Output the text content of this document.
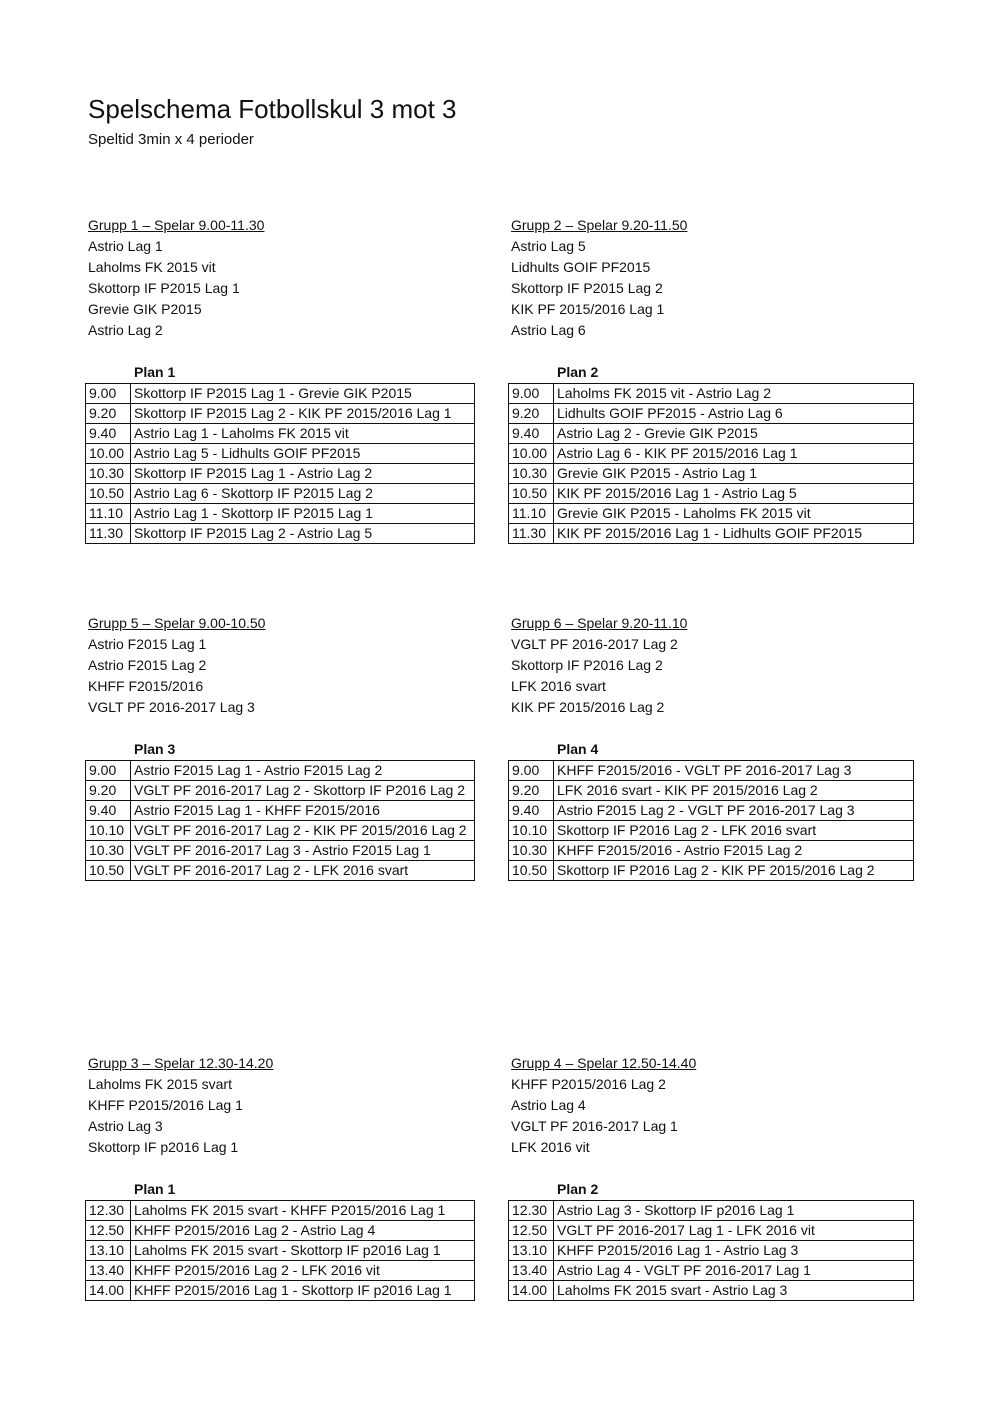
Spelschema Fotbollskul 3 mot 3
Speltid 3min x 4 perioder
Grupp 1 – Spelar 9.00-11.30
Astrio Lag 1
Laholms FK 2015 vit
Skottorp IF P2015 Lag 1
Grevie GIK P2015
Astrio Lag 2
Plan 1
9.00	Skottorp IF P2015 Lag 1 - Grevie GIK P2015
9.20	Skottorp IF P2015 Lag 2 - KIK PF 2015/2016 Lag 1
9.40	Astrio Lag 1 - Laholms FK 2015 vit
10.00	Astrio Lag 5 - Lidhults GOIF PF2015
10.30	Skottorp IF P2015 Lag 1 - Astrio Lag 2
10.50	Astrio Lag 6 - Skottorp IF P2015 Lag 2
11.10	Astrio Lag 1 - Skottorp IF P2015 Lag 1
11.30	Skottorp IF P2015 Lag 2 - Astrio Lag 5
Grupp 2 – Spelar 9.20-11.50
Astrio Lag 5
Lidhults GOIF PF2015
Skottorp IF P2015 Lag 2
KIK PF 2015/2016 Lag 1
Astrio Lag 6
Plan 2
9.00	Laholms FK 2015 vit - Astrio Lag 2
9.20	Lidhults GOIF PF2015 - Astrio Lag 6
9.40	Astrio Lag 2 - Grevie GIK P2015
10.00	Astrio Lag 6 - KIK PF 2015/2016 Lag 1
10.30	Grevie GIK P2015 - Astrio Lag 1
10.50	KIK PF 2015/2016 Lag 1 - Astrio Lag 5
11.10	Grevie GIK P2015 - Laholms FK 2015 vit
11.30	KIK PF 2015/2016 Lag 1 - Lidhults GOIF PF2015
Grupp 5 – Spelar 9.00-10.50
Astrio F2015 Lag 1
Astrio F2015 Lag 2
KHFF F2015/2016
VGLT PF 2016-2017 Lag 3
Plan 3
9.00	Astrio F2015 Lag 1 - Astrio F2015 Lag 2
9.20	VGLT PF 2016-2017 Lag 2 - Skottorp IF P2016 Lag 2
9.40	Astrio F2015 Lag 1 - KHFF F2015/2016
10.10	VGLT PF 2016-2017 Lag 2 - KIK PF 2015/2016 Lag 2
10.30	VGLT PF 2016-2017 Lag 3 - Astrio F2015 Lag 1
10.50	VGLT PF 2016-2017 Lag 2 - LFK 2016 svart
Grupp 6 – Spelar 9.20-11.10
VGLT PF 2016-2017 Lag 2
Skottorp IF P2016 Lag 2
LFK 2016 svart
KIK PF 2015/2016 Lag 2
Plan 4
9.00	KHFF F2015/2016 - VGLT PF 2016-2017 Lag 3
9.20	LFK 2016 svart - KIK PF 2015/2016 Lag 2
9.40	Astrio F2015 Lag 2 - VGLT PF 2016-2017 Lag 3
10.10	Skottorp IF P2016 Lag 2 - LFK 2016 svart
10.30	KHFF F2015/2016 - Astrio F2015 Lag 2
10.50	Skottorp IF P2016 Lag 2 - KIK PF 2015/2016 Lag 2
Grupp 3 – Spelar 12.30-14.20
Laholms FK 2015 svart
KHFF P2015/2016 Lag 1
Astrio Lag 3
Skottorp IF p2016 Lag 1
Plan 1
12.30	Laholms FK 2015 svart - KHFF P2015/2016 Lag 1
12.50	KHFF P2015/2016 Lag 2 - Astrio Lag 4
13.10	Laholms FK 2015 svart - Skottorp IF p2016 Lag 1
13.40	KHFF P2015/2016 Lag 2 - LFK 2016 vit
14.00	KHFF P2015/2016 Lag 1 - Skottorp IF p2016 Lag 1
Grupp 4 – Spelar 12.50-14.40
KHFF P2015/2016 Lag 2
Astrio Lag 4
VGLT PF 2016-2017 Lag 1
LFK 2016 vit
Plan 2
12.30	Astrio Lag 3 - Skottorp IF p2016 Lag 1
12.50	VGLT PF 2016-2017 Lag 1 - LFK 2016 vit
13.10	KHFF P2015/2016 Lag 1 - Astrio Lag 3
13.40	Astrio Lag 4 - VGLT PF 2016-2017 Lag 1
14.00	Laholms FK 2015 svart - Astrio Lag 3
